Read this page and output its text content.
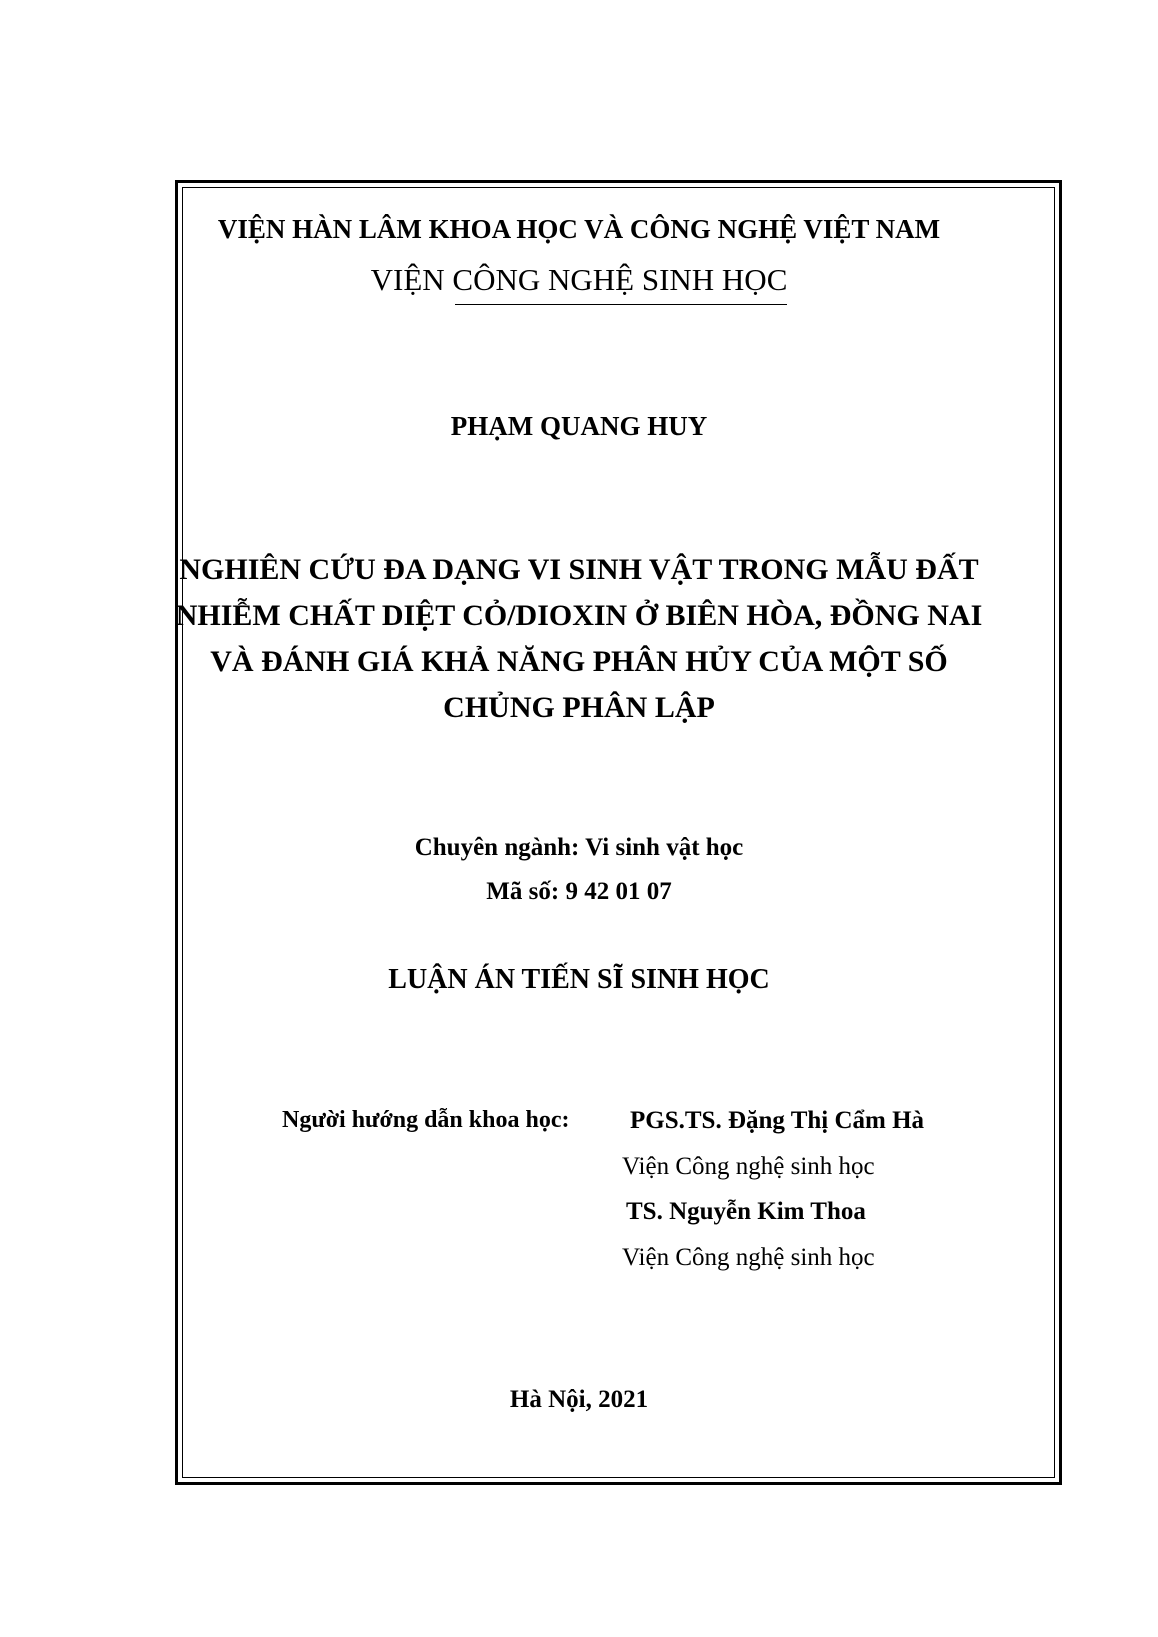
VIỆN HÀN LÂM KHOA HỌC VÀ CÔNG NGHỆ VIỆT NAM
VIỆN CÔNG NGHỆ SINH HỌC
PHẠM QUANG HUY
NGHIÊN CỨU ĐA DẠNG VI SINH VẬT TRONG MẪU ĐẤT
NHIỄM CHẤT DIỆT CỎ/DIOXIN Ở BIÊN HÒA, ĐỒNG NAI
VÀ ĐÁNH GIÁ KHẢ NĂNG PHÂN HỦY CỦA MỘT SỐ
CHỦNG PHÂN LẬP
Chuyên ngành: Vi sinh vật học
Mã số: 9 42 01 07
LUẬN ÁN TIẾN SĨ SINH HỌC
Người hướng dẫn khoa học: PGS.TS. Đặng Thị Cẩm Hà
Viện Công nghệ sinh học
TS. Nguyễn Kim Thoa
Viện Công nghệ sinh học
Hà Nội, 2021
